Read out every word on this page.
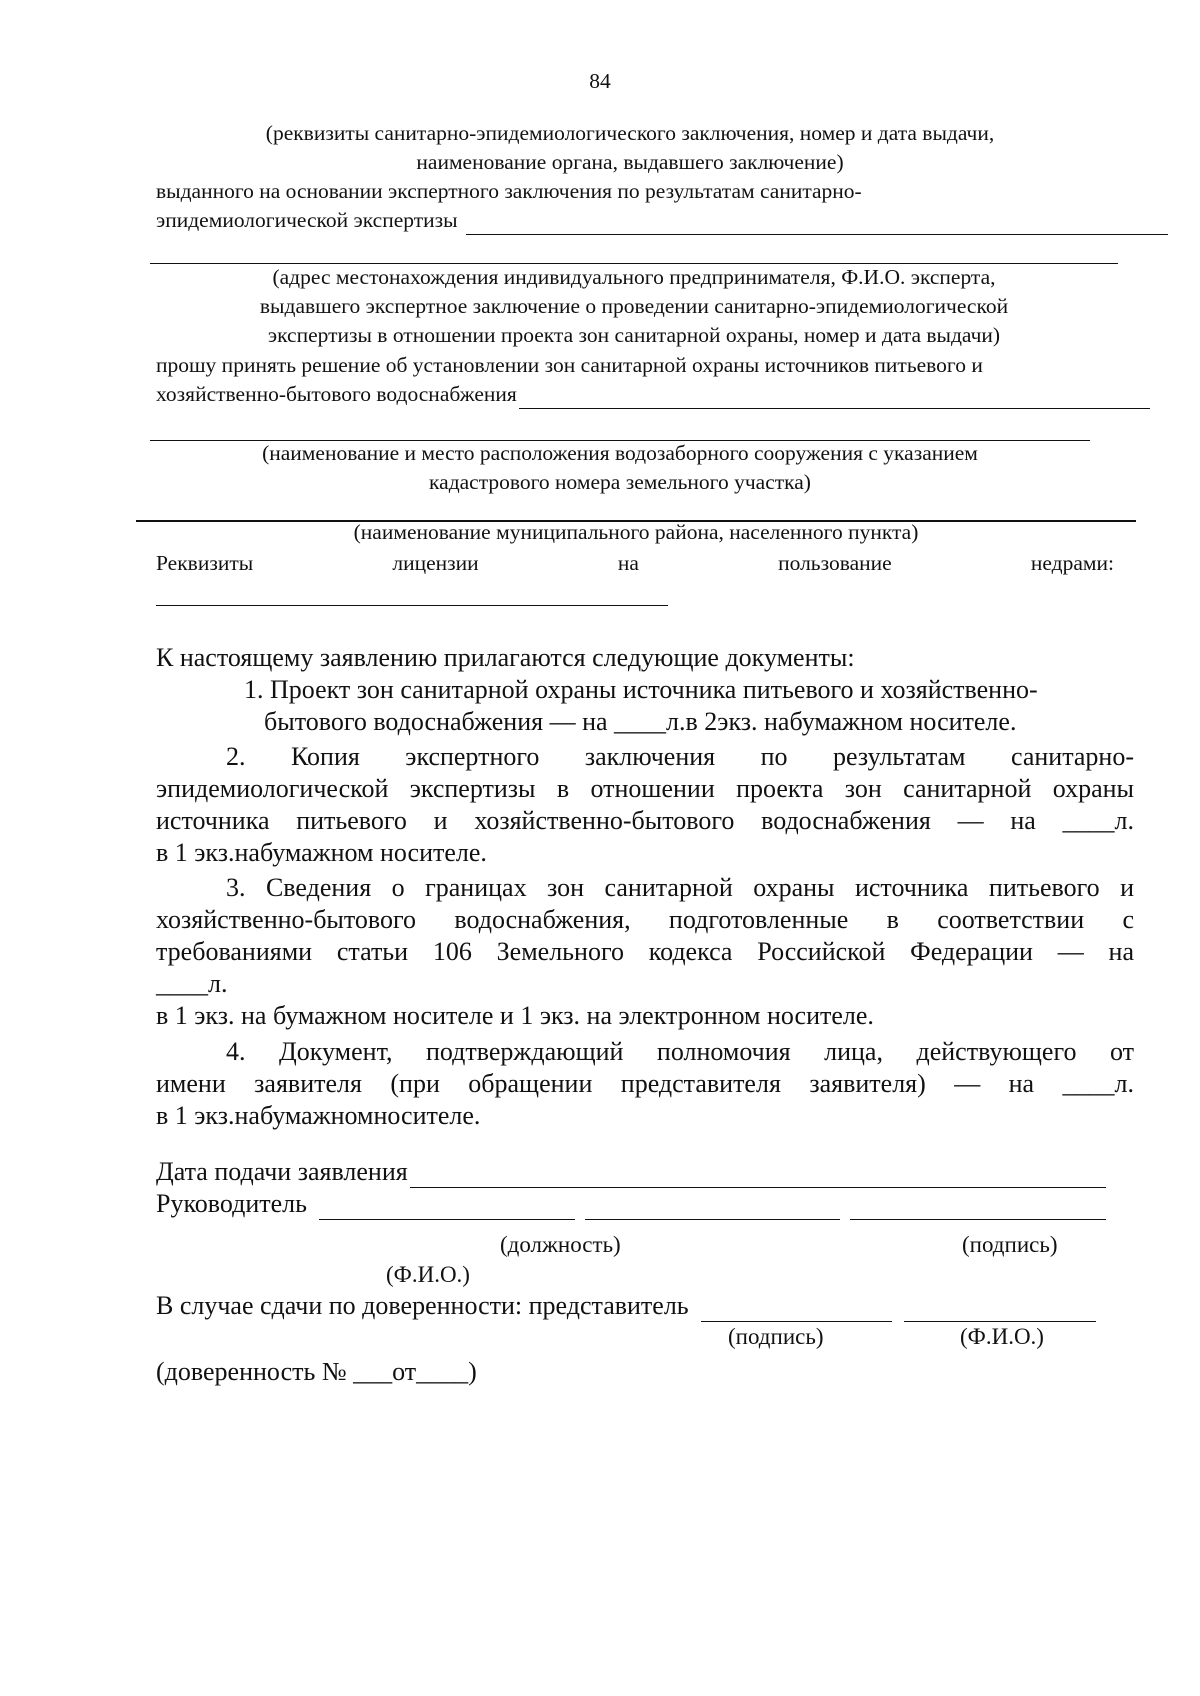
84
(реквизиты санитарно-эпидемиологического заключения, номер и дата выдачи,
наименование органа, выдавшего заключение)
выданного на основании экспертного заключения по результатам санитарно-
эпидемиологической экспертизы
(адрес местонахождения индивидуального предпринимателя, Ф.И.О. эксперта,
выдавшего экспертное заключение о проведении санитарно-эпидемиологической
экспертизы в отношении проекта зон санитарной охраны, номер и дата выдачи)
прошу принять решение об установлении зон санитарной охраны источников питьевого и
хозяйственно-бытового водоснабжения
(наименование и место расположения водозаборного сооружения с указанием
кадастрового номера земельного участка)
(наименование муниципального района, населенного пункта)
Реквизиты	лицензии	на	пользование	недрами:
К настоящему заявлению прилагаются следующие документы:
1. Проект зон санитарной охраны источника питьевого и хозяйственно-
бытового водоснабжения — на ____л.в 2экз. набумажном носителе.
2. Копия экспертного заключения по результатам санитарно-
эпидемиологической экспертизы в отношении проекта зон санитарной охраны
источника питьевого и хозяйственно-бытового водоснабжения — на ____л.
в 1 экз.набумажном носителе.
3. Сведения о границах зон санитарной охраны источника питьевого и
хозяйственно-бытового водоснабжения, подготовленные в соответствии с
требованиями статьи 106 Земельного кодекса Российской Федерации — на
____л.
в 1 экз. на бумажном носителе и 1 экз. на электронном носителе.
4. Документ, подтверждающий полномочия лица, действующего от
имени заявителя (при обращении представителя заявителя) — на ____л.
в 1 экз.набумажномносителе.
Дата подачи заявления
Руководитель
(должность)	(подпись)
(Ф.И.О.)
В случае сдачи по доверенности: представитель
(подпись)	(Ф.И.О.)
(доверенность № ___от____)
